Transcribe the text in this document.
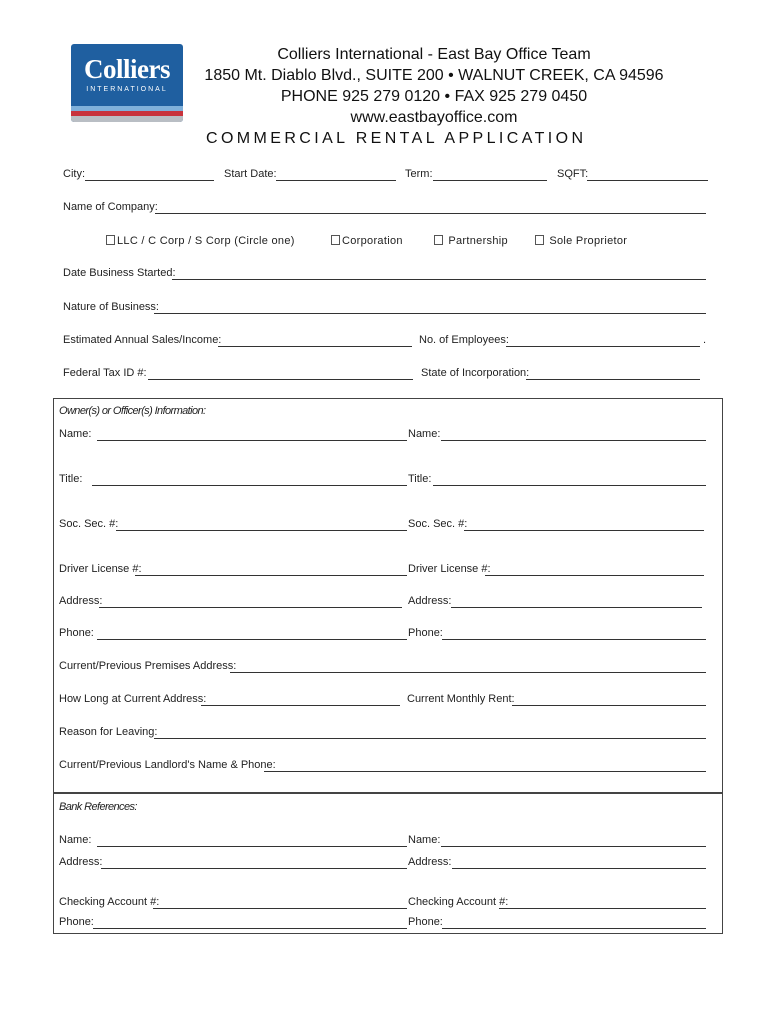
Colliers
INTERNATIONAL
Colliers International - East Bay Office Team
1850 Mt. Diablo Blvd., SUITE 200 • WALNUT CREEK, CA 94596
PHONE 925 279 0120 • FAX 925 279 0450
www.eastbayoffice.com
COMMERCIAL RENTAL APPLICATION
City:	Start Date:	Term:	SQFT:
Name of Company:
LLC / C Corp / S Corp (Circle one)	Corporation	Partnership	Sole Proprietor
Date Business Started:
Nature of Business:
Estimated Annual Sales/Income:	No. of Employees:	.
Federal Tax ID #:	State of Incorporation:
Owner(s) or Officer(s) Information:
Name:	Name:
Title:	Title:
Soc. Sec. #:	Soc. Sec. #:
Driver License #:	Driver License #:
Address:	Address:
Phone:	Phone:
Current/Previous Premises Address:
How Long at Current Address:	Current Monthly Rent:
Reason for Leaving:
Current/Previous Landlord's Name & Phone:
Bank References:
Name:	Name:
Address:	Address:
Checking Account #:	Checking Account #:
Phone:	Phone:
